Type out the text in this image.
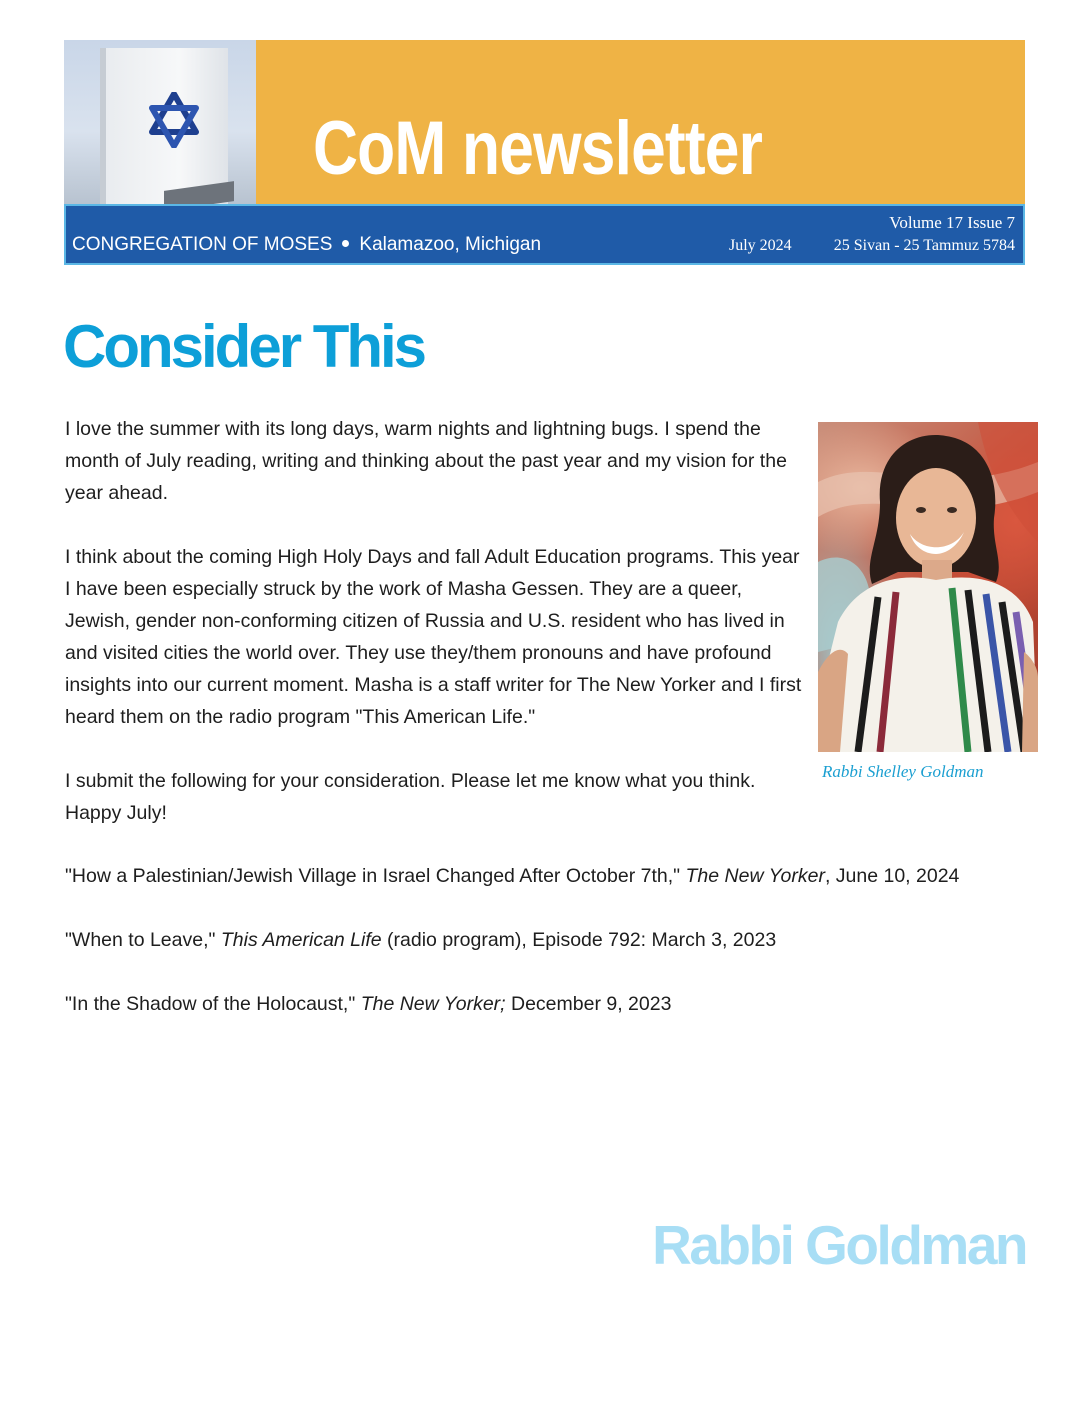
CoM newsletter
CONGREGATION OF MOSES Kalamazoo, Michigan
Volume 17 Issue 7
July 2024	25 Sivan - 25 Tammuz 5784
Consider This

I love the summer with its long days, warm nights and lightning bugs. I spend the month of July reading, writing and thinking about the past year and my vision for the year ahead.

I think about the coming High Holy Days and fall Adult Education programs. This year I have been especially struck by the work of Masha Gessen. They are a queer, Jewish, gender non-conforming citizen of Russia and U.S. resident who has lived in and visited cities the world over. They use they/them pronouns and have profound insights into our current moment. Masha is a staff writer for The New Yorker and I first heard them on the radio program "This American Life."

I submit the following for your consideration. Please let me know what you think. Happy July!

"How a Palestinian/Jewish Village in Israel Changed After October 7th," The New Yorker, June 10, 2024

"When to Leave," This American Life (radio program), Episode 792: March 3, 2023

"In the Shadow of the Holocaust," The New Yorker; December 9, 2023

Rabbi Shelley Goldman
Rabbi Goldman
